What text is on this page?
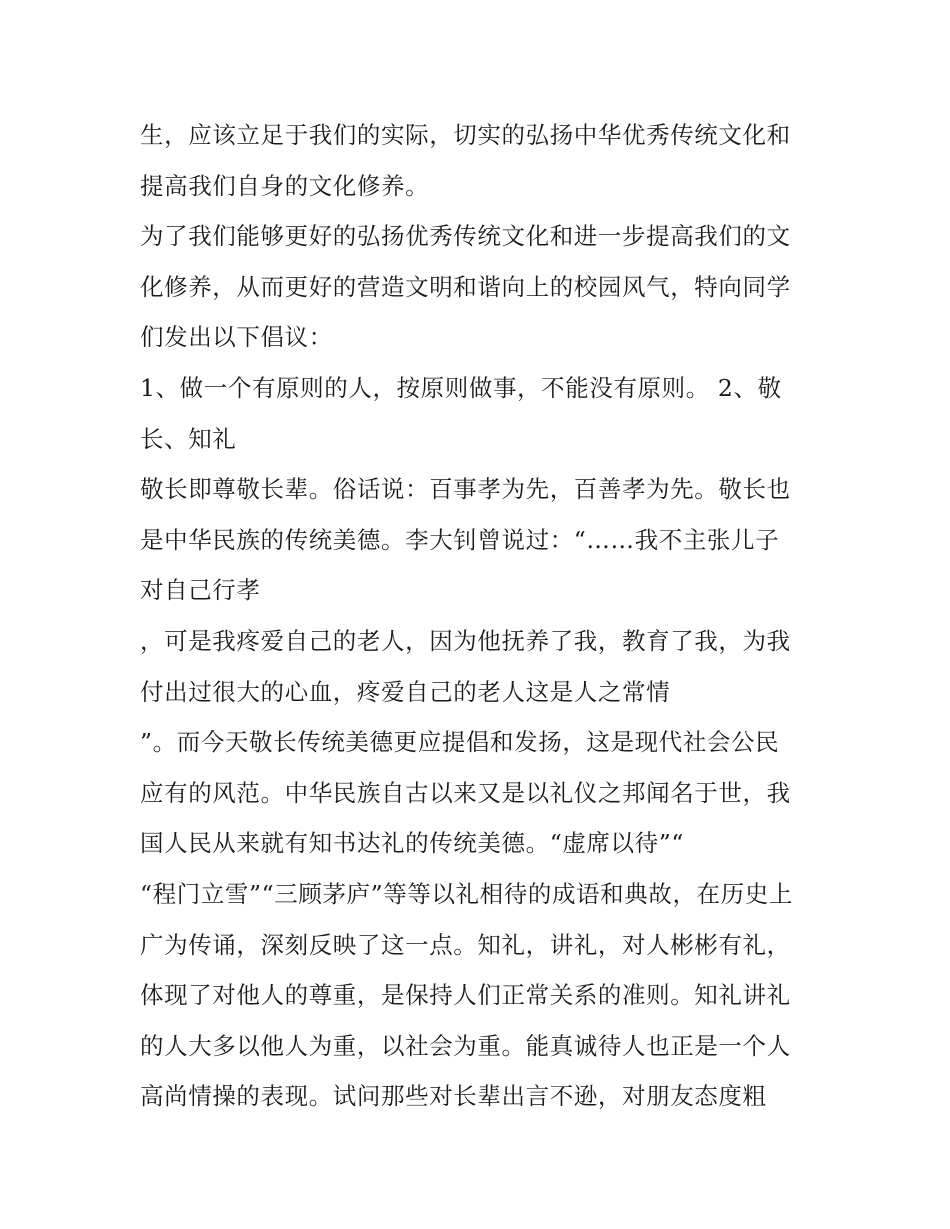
生，应该立足于我们的实际，切实的弘扬中华优秀传统文化和
提高我们自身的文化修养。
为了我们能够更好的弘扬优秀传统文化和进一步提高我们的文
化修养，从而更好的营造文明和谐向上的校园风气，特向同学
们发出以下倡议：
1、做一个有原则的人，按原则做事，不能没有原则。 2、敬
长、知礼
敬长即尊敬长辈。俗话说：百事孝为先，百善孝为先。敬长也
是中华民族的传统美德。李大钊曾说过：“……我不主张儿子
对自己行孝
，可是我疼爱自己的老人，因为他抚养了我，教育了我，为我
付出过很大的心血，疼爱自己的老人这是人之常情
”。而今天敬长传统美德更应提倡和发扬，这是现代社会公民
应有的风范。中华民族自古以来又是以礼仪之邦闻名于世，我
国人民从来就有知书达礼的传统美德。“虚席以待”“
“程门立雪”“三顾茅庐”等等以礼相待的成语和典故，在历史上
广为传诵，深刻反映了这一点。知礼，讲礼，对人彬彬有礼，
体现了对他人的尊重，是保持人们正常关系的准则。知礼讲礼
的人大多以他人为重，以社会为重。能真诚待人也正是一个人
高尚情操的表现。试问那些对长辈出言不逊，对朋友态度粗
